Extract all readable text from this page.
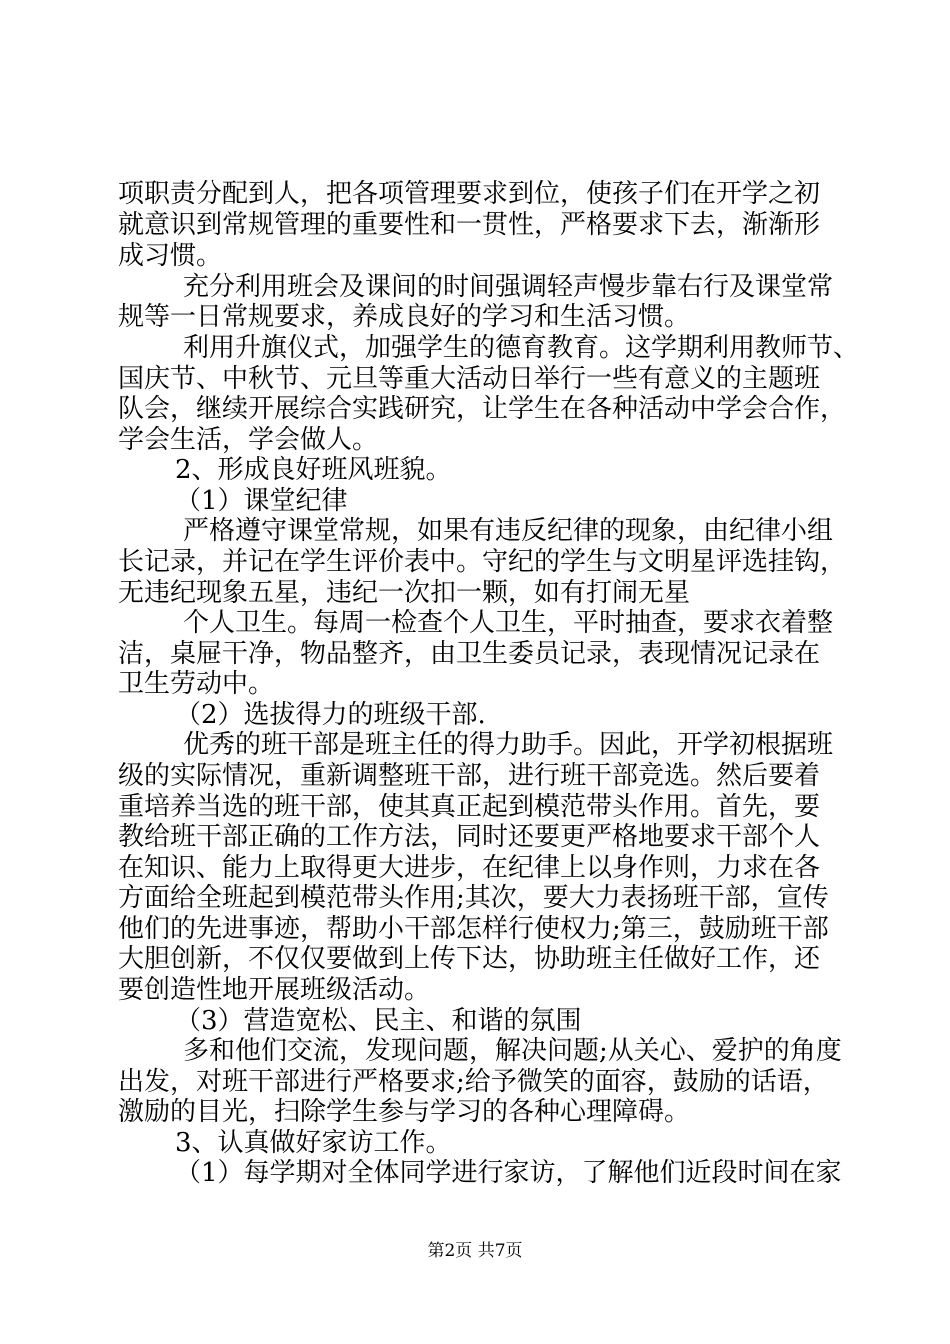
项职责分配到人，把各项管理要求到位，使孩子们在开学之初
就意识到常规管理的重要性和一贯性，严格要求下去，渐渐形
成习惯。
充分利用班会及课间的时间强调轻声慢步靠右行及课堂常
规等一日常规要求，养成良好的学习和生活习惯。
利用升旗仪式，加强学生的德育教育。这学期利用教师节、
国庆节、中秋节、元旦等重大活动日举行一些有意义的主题班
队会，继续开展综合实践研究，让学生在各种活动中学会合作，
学会生活，学会做人。
2、形成良好班风班貌。
（1）课堂纪律
严格遵守课堂常规，如果有违反纪律的现象，由纪律小组
长记录，并记在学生评价表中。守纪的学生与文明星评选挂钩，
无违纪现象五星，违纪一次扣一颗，如有打闹无星
个人卫生。每周一检查个人卫生，平时抽查，要求衣着整
洁，桌屉干净，物品整齐，由卫生委员记录，表现情况记录在
卫生劳动中。
（2）选拔得力的班级干部.
优秀的班干部是班主任的得力助手。因此，开学初根据班
级的实际情况，重新调整班干部，进行班干部竞选。然后要着
重培养当选的班干部，使其真正起到模范带头作用。首先，要
教给班干部正确的工作方法，同时还要更严格地要求干部个人
在知识、能力上取得更大进步，在纪律上以身作则，力求在各
方面给全班起到模范带头作用;其次，要大力表扬班干部，宣传
他们的先进事迹，帮助小干部怎样行使权力;第三，鼓励班干部
大胆创新，不仅仅要做到上传下达，协助班主任做好工作，还
要创造性地开展班级活动。
（3）营造宽松、民主、和谐的氛围
多和他们交流，发现问题，解决问题;从关心、爱护的角度
出发，对班干部进行严格要求;给予微笑的面容，鼓励的话语，
激励的目光，扫除学生参与学习的各种心理障碍。
3、认真做好家访工作。
（1）每学期对全体同学进行家访，了解他们近段时间在家
第2页 共7页
